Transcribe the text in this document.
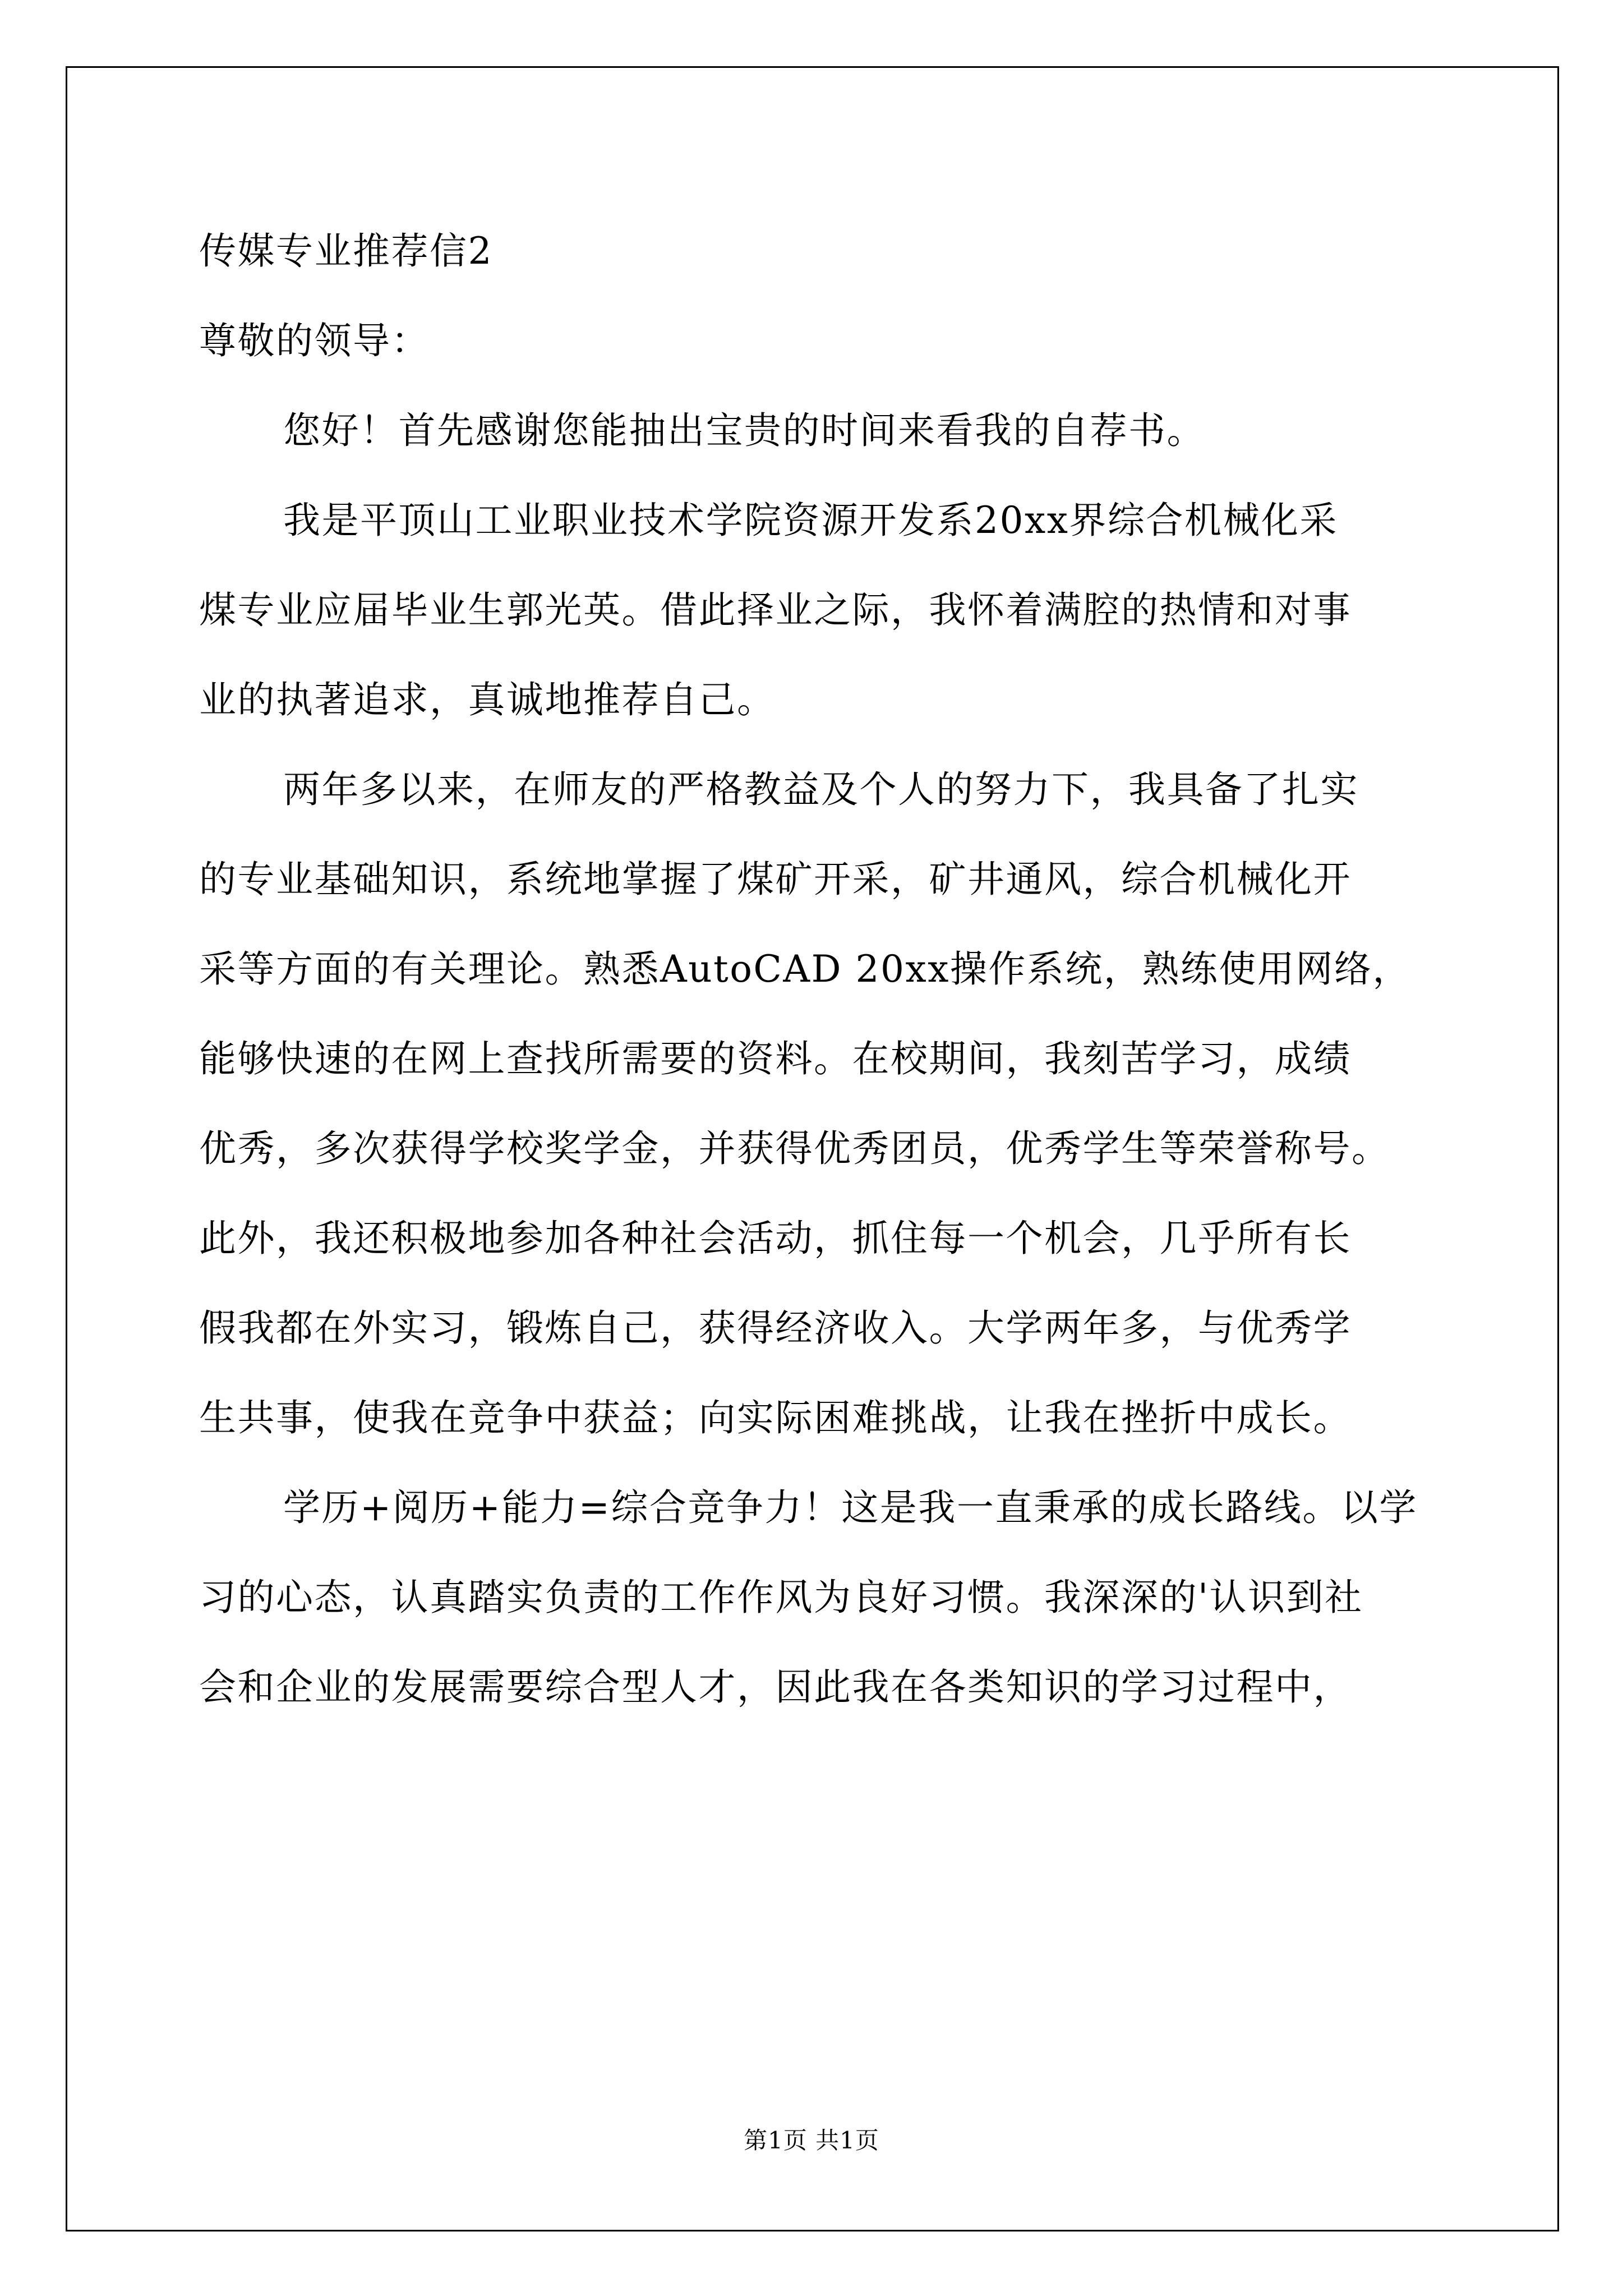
传媒专业推荐信2
尊敬的领导：
您好！首先感谢您能抽出宝贵的时间来看我的自荐书。
我是平顶山工业职业技术学院资源开发系20xx界综合机械化采
煤专业应届毕业生郭光英。借此择业之际，我怀着满腔的热情和对事
业的执著追求，真诚地推荐自己。
两年多以来，在师友的严格教益及个人的努力下，我具备了扎实
的专业基础知识，系统地掌握了煤矿开采，矿井通风，综合机械化开
采等方面的有关理论。熟悉AutoCAD 20xx操作系统，熟练使用网络，
能够快速的在网上查找所需要的资料。在校期间，我刻苦学习，成绩
优秀，多次获得学校奖学金，并获得优秀团员，优秀学生等荣誉称号。
此外，我还积极地参加各种社会活动，抓住每一个机会，几乎所有长
假我都在外实习，锻炼自己，获得经济收入。大学两年多，与优秀学
生共事，使我在竞争中获益；向实际困难挑战，让我在挫折中成长。
学历+阅历+能力=综合竞争力！这是我一直秉承的成长路线。以学
习的心态，认真踏实负责的工作作风为良好习惯。我深深的'认识到社
会和企业的发展需要综合型人才，因此我在各类知识的学习过程中，
第1页 共1页
